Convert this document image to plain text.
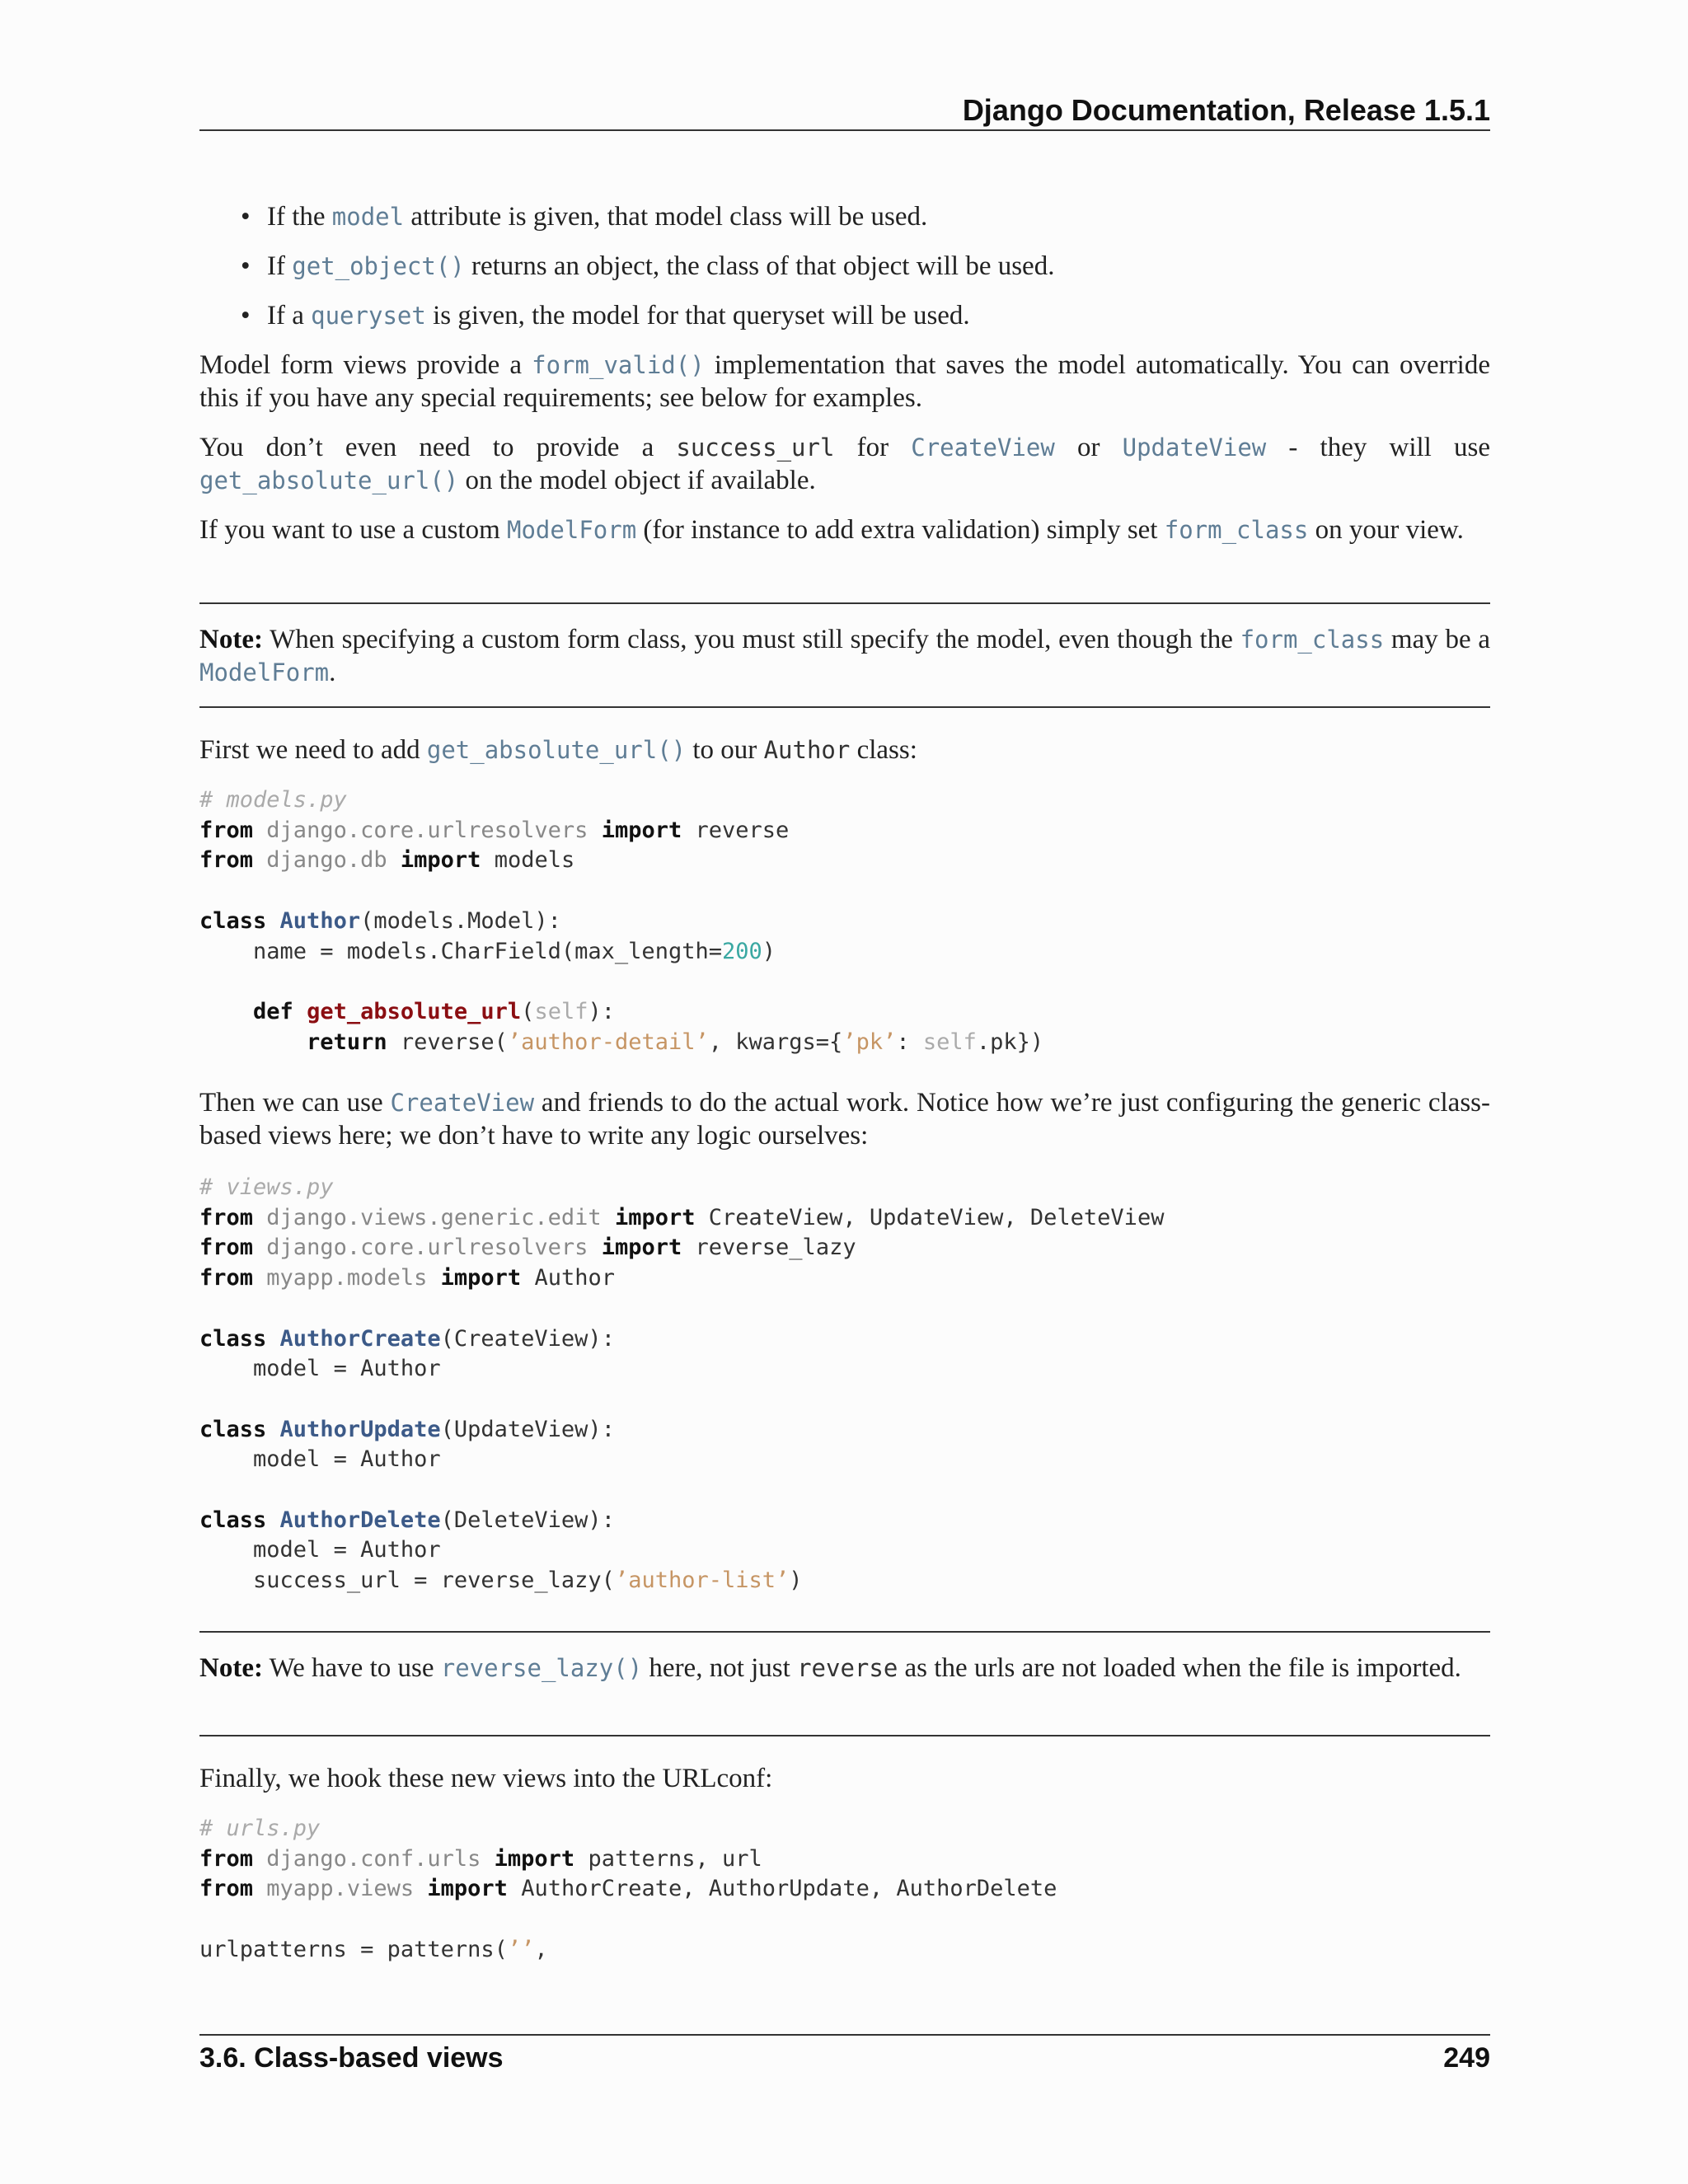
Django Documentation, Release 1.5.1
• If the model attribute is given, that model class will be used.
• If get_object() returns an object, the class of that object will be used.
• If a queryset is given, the model for that queryset will be used.

Model form views provide a form_valid() implementation that saves the model automatically. You can override this if you have any special requirements; see below for examples.

You don’t even need to provide a success_url for CreateView or UpdateView - they will use get_absolute_url() on the model object if available.

If you want to use a custom ModelForm (for instance to add extra validation) simply set form_class on your view.

Note: When specifying a custom form class, you must still specify the model, even though the form_class may be a ModelForm.

First we need to add get_absolute_url() to our Author class:

# models.py
from django.core.urlresolvers import reverse
from django.db import models

class Author(models.Model):
name = models.CharField(max_length=200)

def get_absolute_url(self):
return reverse(’author-detail’, kwargs={’pk’: self.pk})

Then we can use CreateView and friends to do the actual work. Notice how we’re just configuring the generic class-based views here; we don’t have to write any logic ourselves:

# views.py
from django.views.generic.edit import CreateView, UpdateView, DeleteView
from django.core.urlresolvers import reverse_lazy
from myapp.models import Author

class AuthorCreate(CreateView):
model = Author

class AuthorUpdate(UpdateView):
model = Author

class AuthorDelete(DeleteView):
model = Author
success_url = reverse_lazy(’author-list’)

Note: We have to use reverse_lazy() here, not just reverse as the urls are not loaded when the file is imported.

Finally, we hook these new views into the URLconf:

# urls.py
from django.conf.urls import patterns, url
from myapp.views import AuthorCreate, AuthorUpdate, AuthorDelete

urlpatterns = patterns(’’,
3.6. Class-based views	249
